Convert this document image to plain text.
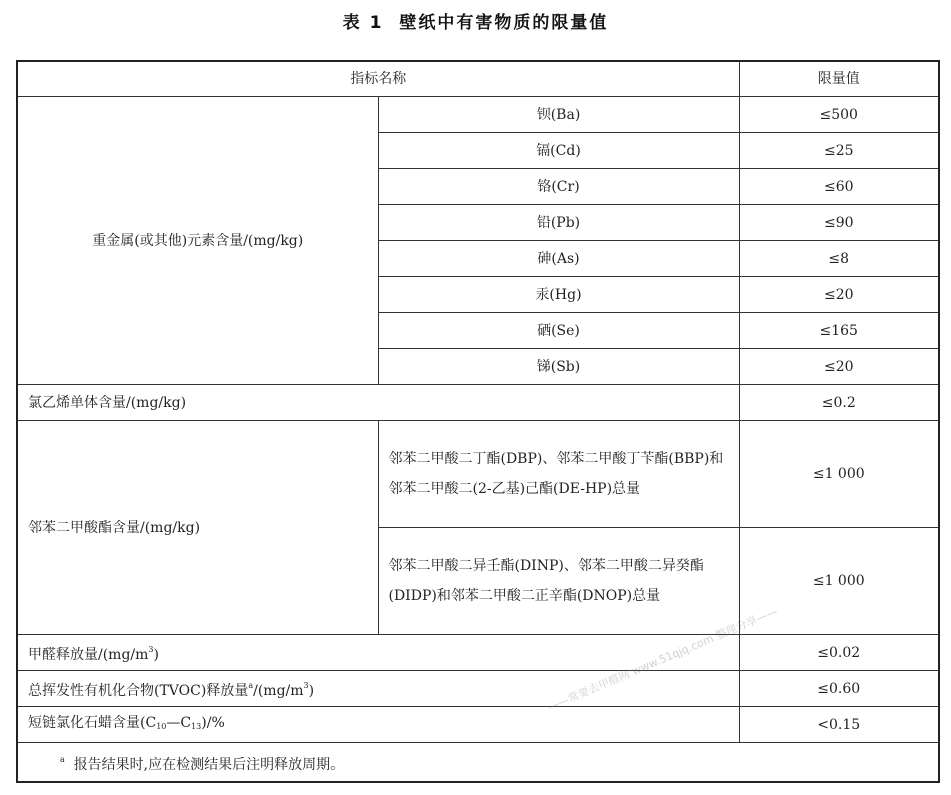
表 1 壁纸中有害物质的限量值
指标名称		限量值
重金属(或其他)元素含量/(mg/kg)	钡(Ba)	≤500
	镉(Cd)	≤25
	铬(Cr)	≤60
	铅(Pb)	≤90
	砷(As)	≤8
	汞(Hg)	≤20
	硒(Se)	≤165
	锑(Sb)	≤20
氯乙烯单体含量/(mg/kg)		≤0.2
邻苯二甲酸酯含量/(mg/kg)	邻苯二甲酸二丁酯(DBP)、邻苯二甲酸丁苄酯(BBP)和邻苯二甲酸二(2-乙基)己酯(DE-HP)总量	≤1 000
	邻苯二甲酸二异壬酯(DINP)、邻苯二甲酸二异癸酯(DIDP)和邻苯二甲酸二正辛酯(DNOP)总量	≤1 000
甲醛释放量$/(mg/m^3)$		≤0.02
总挥发性有机化合物(TVOC)释放量$^a/(mg/m^3)$		≤0.60
短链氯化石蜡含量$(C_{10}—C_{13})/\%$		<0.15
$^a$ 报告结果时,应在检测结果后注明释放周期。		
——常要去甲醛网 www.51qjq.com 整理分享——
